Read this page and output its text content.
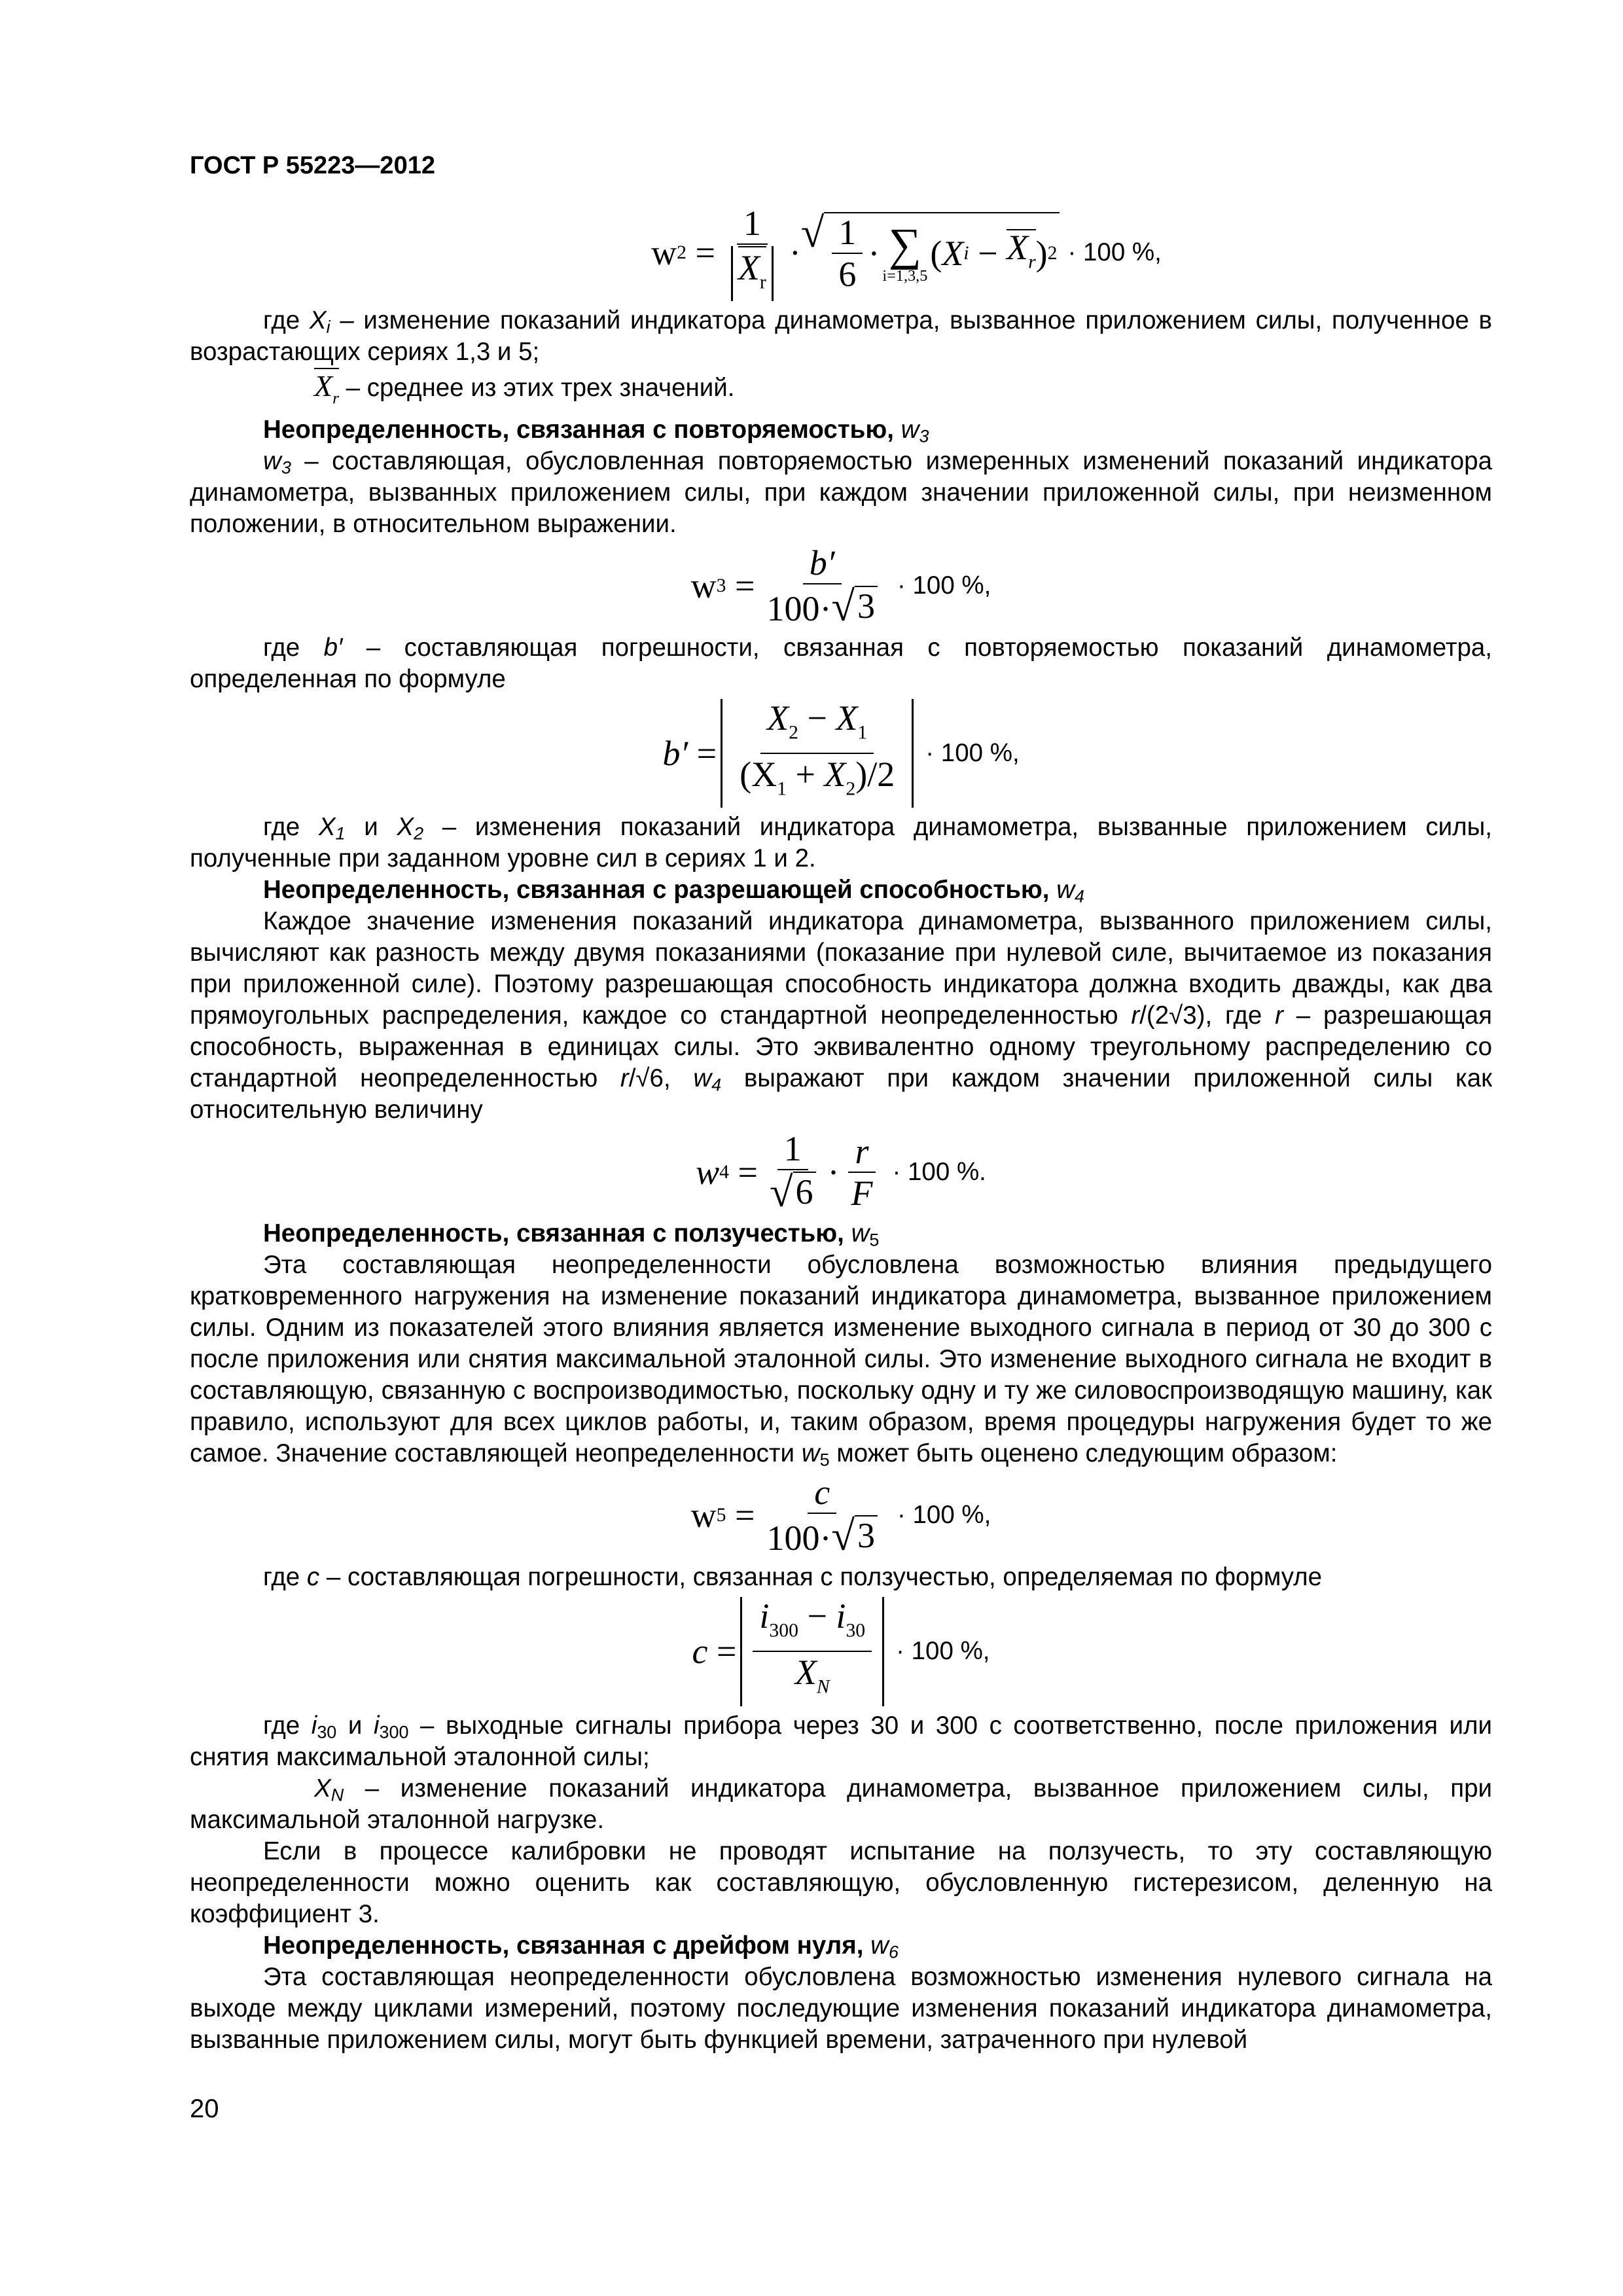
ГОСТ Р 55223—2012
w $2 = \frac{1}{X_r}$ · √ $\frac{1}{6}$ · ∑
i=1,3,5
( X $i - X_r$ ) 2 · 100 %,

где $X_i$ – изменение показаний индикатора динамометра, вызванное приложением силы, полученное в возрастающих сериях 1,3 и 5;

$X_r$ – среднее из этих трех значений.

Неопределенность, связанная с повторяемостью, $w_3$

$w_3$ – составляющая, обусловленная повторяемостью измеренных изменений показаний индикатора динамометра, вызванных приложением силы, при каждом значении приложенной силы, при неизменном положении, в относительном выражении.

w $3 = \frac{b'}{100\cdot √ 3} \cdot 100$ %,

где b′ – составляющая погрешности, связанная с повторяемостью показаний динамометра, определенная по формуле

$b' = \frac{X_2 - X_1}{(X_1 + X_2)/2} \cdot 100$ %,

где $X_1$ и $X_2$ – изменения показаний индикатора динамометра, вызванные приложением силы, полученные при заданном уровне сил в сериях 1 и 2.

Неопределенность, связанная с разрешающей способностью, $w_4$

Каждое значение изменения показаний индикатора динамометра, вызванного приложением силы, вычисляют как разность между двумя показаниями (показание при нулевой силе, вычитаемое из показания при приложенной силе). Поэтому разрешающая способность индикатора должна входить дважды, как два прямоугольных распределения, каждое со стандартной неопределенностью r/(2√3), где r – разрешающая способность, выраженная в единицах силы. Это эквивалентно одному треугольному распределению со стандартной неопределенностью r/√6, $w_4$ выражают при каждом значении приложенной силы как относительную величину

w $4 = \frac{1}{√ 6} \cdot \frac{r}{F} \cdot 100$ %.

Неопределенность, связанная с ползучестью, $w_5$

Эта составляющая неопределенности обусловлена возможностью влияния предыдущего кратковременного нагружения на изменение показаний индикатора динамометра, вызванное приложением силы. Одним из показателей этого влияния является изменение выходного сигнала в период от 30 до 300 с после приложения или снятия максимальной эталонной силы. Это изменение выходного сигнала не входит в составляющую, связанную с воспроизводимостью, поскольку одну и ту же силовоспроизводящую машину, как правило, используют для всех циклов работы, и, таким образом, время процедуры нагружения будет то же самое. Значение составляющей неопределенности $w_5$ может быть оценено следующим образом:

w $5 = \frac{c}{100\cdot √ 3} \cdot 100$ %,

где c – составляющая погрешности, связанная с ползучестью, определяемая по формуле

$c = \frac{i_{300} - i_{30}}{X_N} \cdot 100$ %,

где $i_{30}$ и $i_{300}$ – выходные сигналы прибора через 30 и 300 с соответственно, после приложения или снятия максимальной эталонной силы;

$X_N$ – изменение показаний индикатора динамометра, вызванное приложением силы, при максимальной эталонной нагрузке.

Если в процессе калибровки не проводят испытание на ползучесть, то эту составляющую неопределенности можно оценить как составляющую, обусловленную гистерезисом, деленную на коэффициент 3.

Неопределенность, связанная с дрейфом нуля, $w_6$

Эта составляющая неопределенности обусловлена возможностью изменения нулевого сигнала на выходе между циклами измерений, поэтому последующие изменения показаний индикатора динамометра, вызванные приложением силы, могут быть функцией времени, затраченного при нулевой

20
